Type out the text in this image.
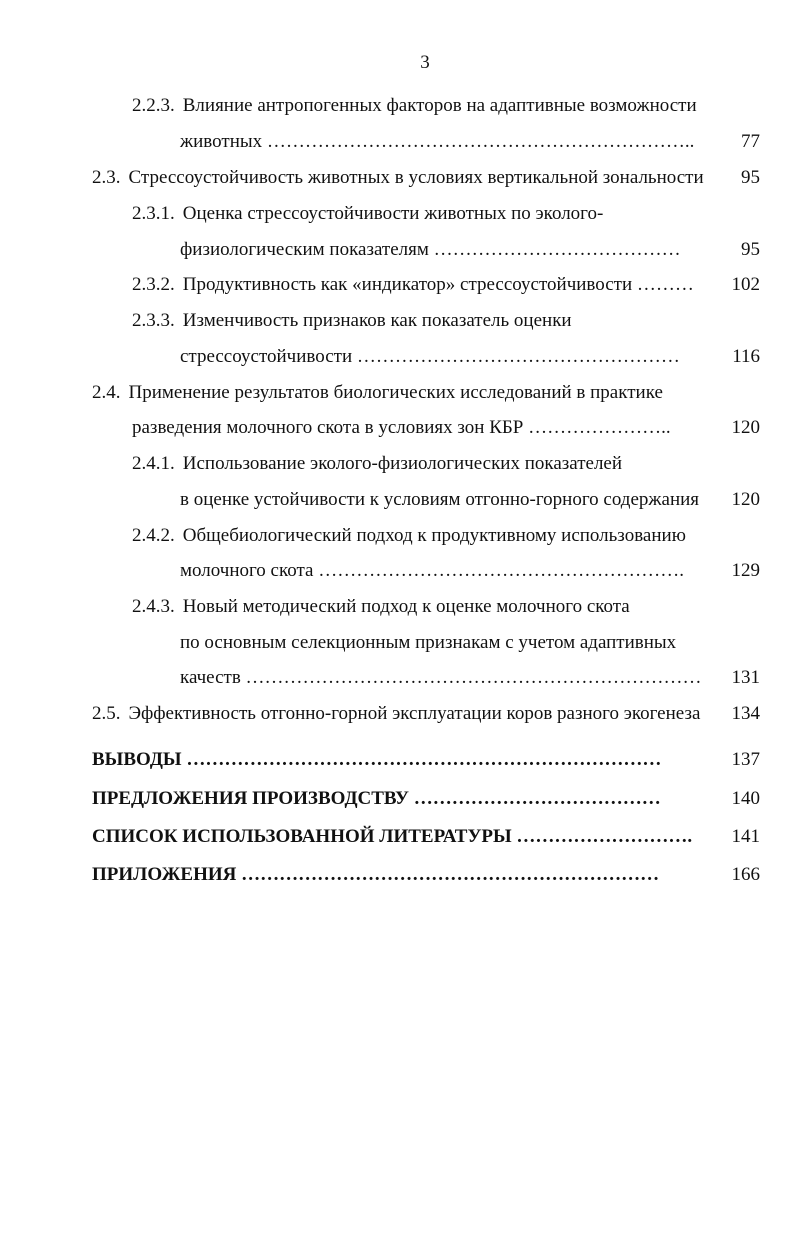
3
2.2.3. Влияние антропогенных факторов на адаптивные возможности
животных ………………………………………………………….. 77
2.3. Стрессоустойчивость животных в условиях вертикальной зональности 95
2.3.1. Оценка стрессоустойчивости животных по эколого-
физиологическим показателям …………………………………	95
2.3.2. Продуктивность как «индикатор» стрессоустойчивости ……… 102
2.3.3. Изменчивость признаков как показатель оценки
стрессоустойчивости ……………………………………………	116
2.4. Применение результатов биологических исследований в практике
разведения молочного скота в условиях зон КБР …………………..	120
2.4.1. Использование эколого-физиологических показателей
в оценке устойчивости к условиям отгонно-горного содержания 120
2.4.2. Общебиологический подход к продуктивному использованию
молочного скота ………………………………………………….	129
2.4.3. Новый методический подход к оценке молочного скота
по основным селекционным признакам с учетом адаптивных
качеств ……………………………………………………………… 131
2.5. Эффективность отгонно-горной эксплуатации коров разного экогенеза 134
ВЫВОДЫ …………………………………………………………………	137
ПРЕДЛОЖЕНИЯ ПРОИЗВОДСТВУ …………………………………	140
СПИСОК ИСПОЛЬЗОВАННОЙ ЛИТЕРАТУРЫ ………………………. 141
ПРИЛОЖЕНИЯ …………………………………………………………	166
